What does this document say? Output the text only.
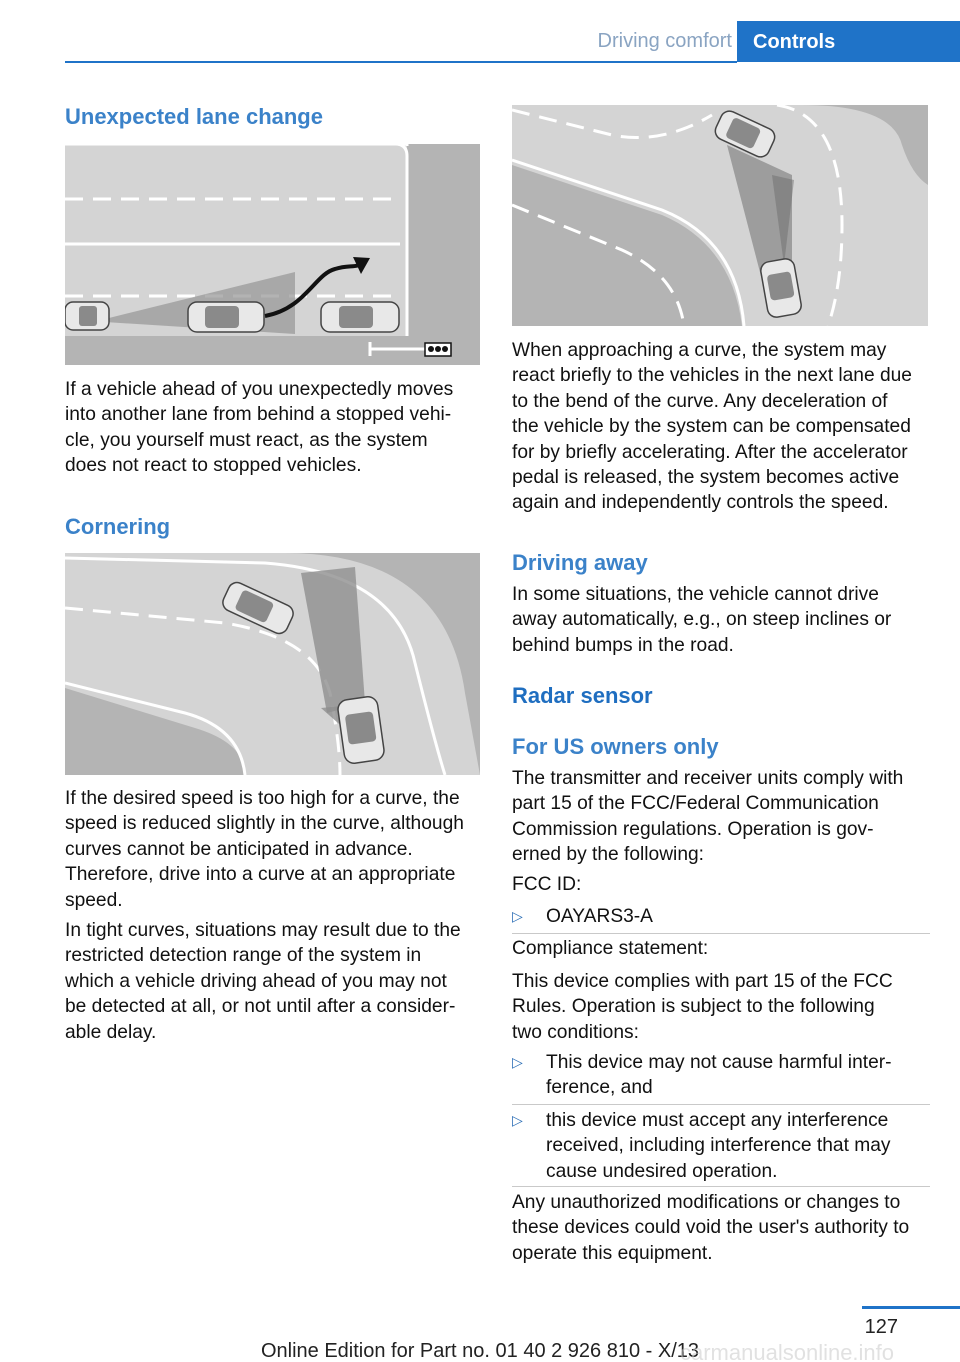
Driving comfort	Controls
Unexpected lane change
If a vehicle ahead of you unexpectedly moves
into another lane from behind a stopped vehi‐
cle, you yourself must react, as the system
does not react to stopped vehicles.
Cornering
If the desired speed is too high for a curve, the
speed is reduced slightly in the curve, although
curves cannot be anticipated in advance.
Therefore, drive into a curve at an appropriate
speed.
In tight curves, situations may result due to the
restricted detection range of the system in
which a vehicle driving ahead of you may not
be detected at all, or not until after a consider‐
able delay.
When approaching a curve, the system may
react briefly to the vehicles in the next lane due
to the bend of the curve. Any deceleration of
the vehicle by the system can be compensated
for by briefly accelerating. After the accelerator
pedal is released, the system becomes active
again and independently controls the speed.
Driving away
In some situations, the vehicle cannot drive
away automatically, e.g., on steep inclines or
behind bumps in the road.
Radar sensor
For US owners only
The transmitter and receiver units comply with
part 15 of the FCC/Federal Communication
Commission regulations. Operation is gov‐
erned by the following:
FCC ID:
▷	OAYARS3-A
Compliance statement:
This device complies with part 15 of the FCC
Rules. Operation is subject to the following
two conditions:
▷	This device may not cause harmful inter‐
ference, and
▷	this device must accept any interference
received, including interference that may
cause undesired operation.
Any unauthorized modifications or changes to
these devices could void the user's authority to
operate this equipment.
127
Online Edition for Part no. 01 40 2 926 810 - X/13
carmanualsonline.info
